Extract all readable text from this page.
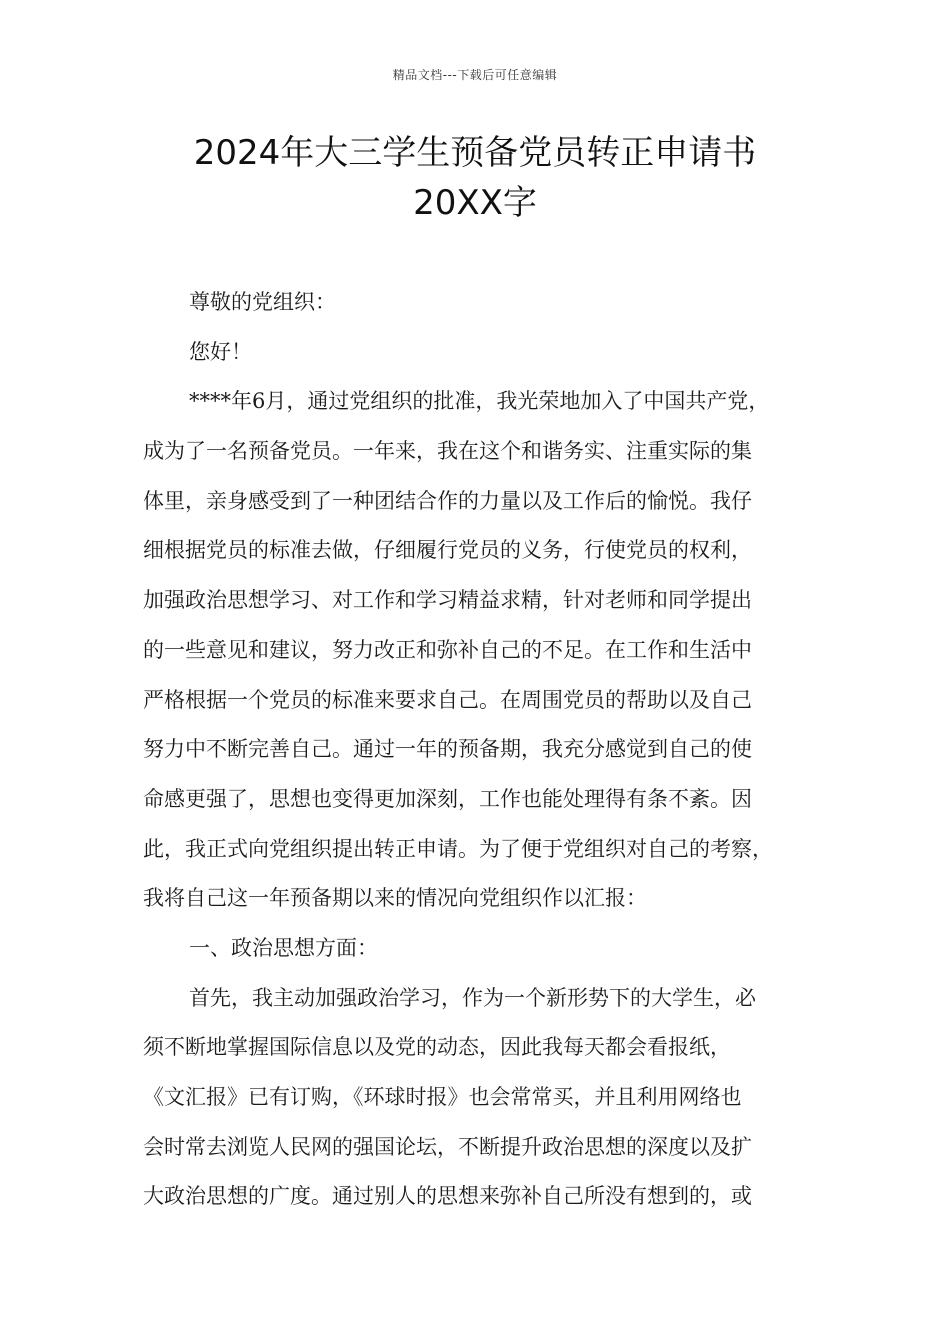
精品文档---下载后可任意编辑
2024年大三学生预备党员转正申请书
20XX字
尊敬的党组织：
您好！
****年6月，通过党组织的批准，我光荣地加入了中国共产党，
成为了一名预备党员。一年来，我在这个和谐务实、注重实际的集
体里，亲身感受到了一种团结合作的力量以及工作后的愉悦。我仔
细根据党员的标准去做，仔细履行党员的义务，行使党员的权利，
加强政治思想学习、对工作和学习精益求精，针对老师和同学提出
的一些意见和建议，努力改正和弥补自己的不足。在工作和生活中
严格根据一个党员的标准来要求自己。在周围党员的帮助以及自己
努力中不断完善自己。通过一年的预备期，我充分感觉到自己的使
命感更强了，思想也变得更加深刻，工作也能处理得有条不紊。因
此，我正式向党组织提出转正申请。为了便于党组织对自己的考察，
我将自己这一年预备期以来的情况向党组织作以汇报：
一、政治思想方面：
首先，我主动加强政治学习，作为一个新形势下的大学生，必
须不断地掌握国际信息以及党的动态，因此我每天都会看报纸，
《文汇报》已有订购，《环球时报》也会常常买，并且利用网络也
会时常去浏览人民网的强国论坛，不断提升政治思想的深度以及扩
大政治思想的广度。通过别人的思想来弥补自己所没有想到的，或
